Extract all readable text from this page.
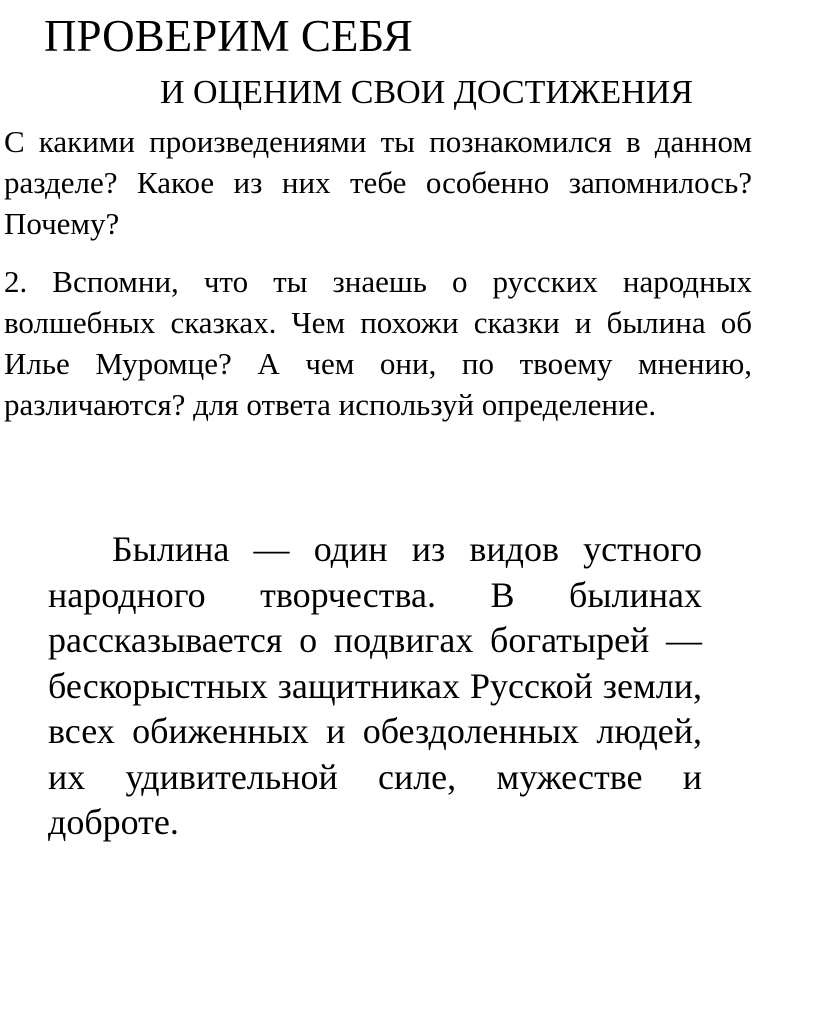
ПРОВЕРИМ СЕБЯ
И ОЦЕНИМ СВОИ ДОСТИЖЕНИЯ

С какими произведениями ты познакомился в данном разделе? Какое из них тебе особенно запомнилось? Почему?

2. Вспомни, что ты знаешь о русских народных волшебных сказках. Чем похожи сказки и былина об Илье Муромце? А чем они, по твоему мнению, различаются? для ответа используй определение.

Былина — один из видов устного народного творчества. В былинах рассказывается о подвигах богатырей — бескорыстных защитниках Русской земли, всех обиженных и обездоленных людей, их удивительной силе, мужестве и доброте.
